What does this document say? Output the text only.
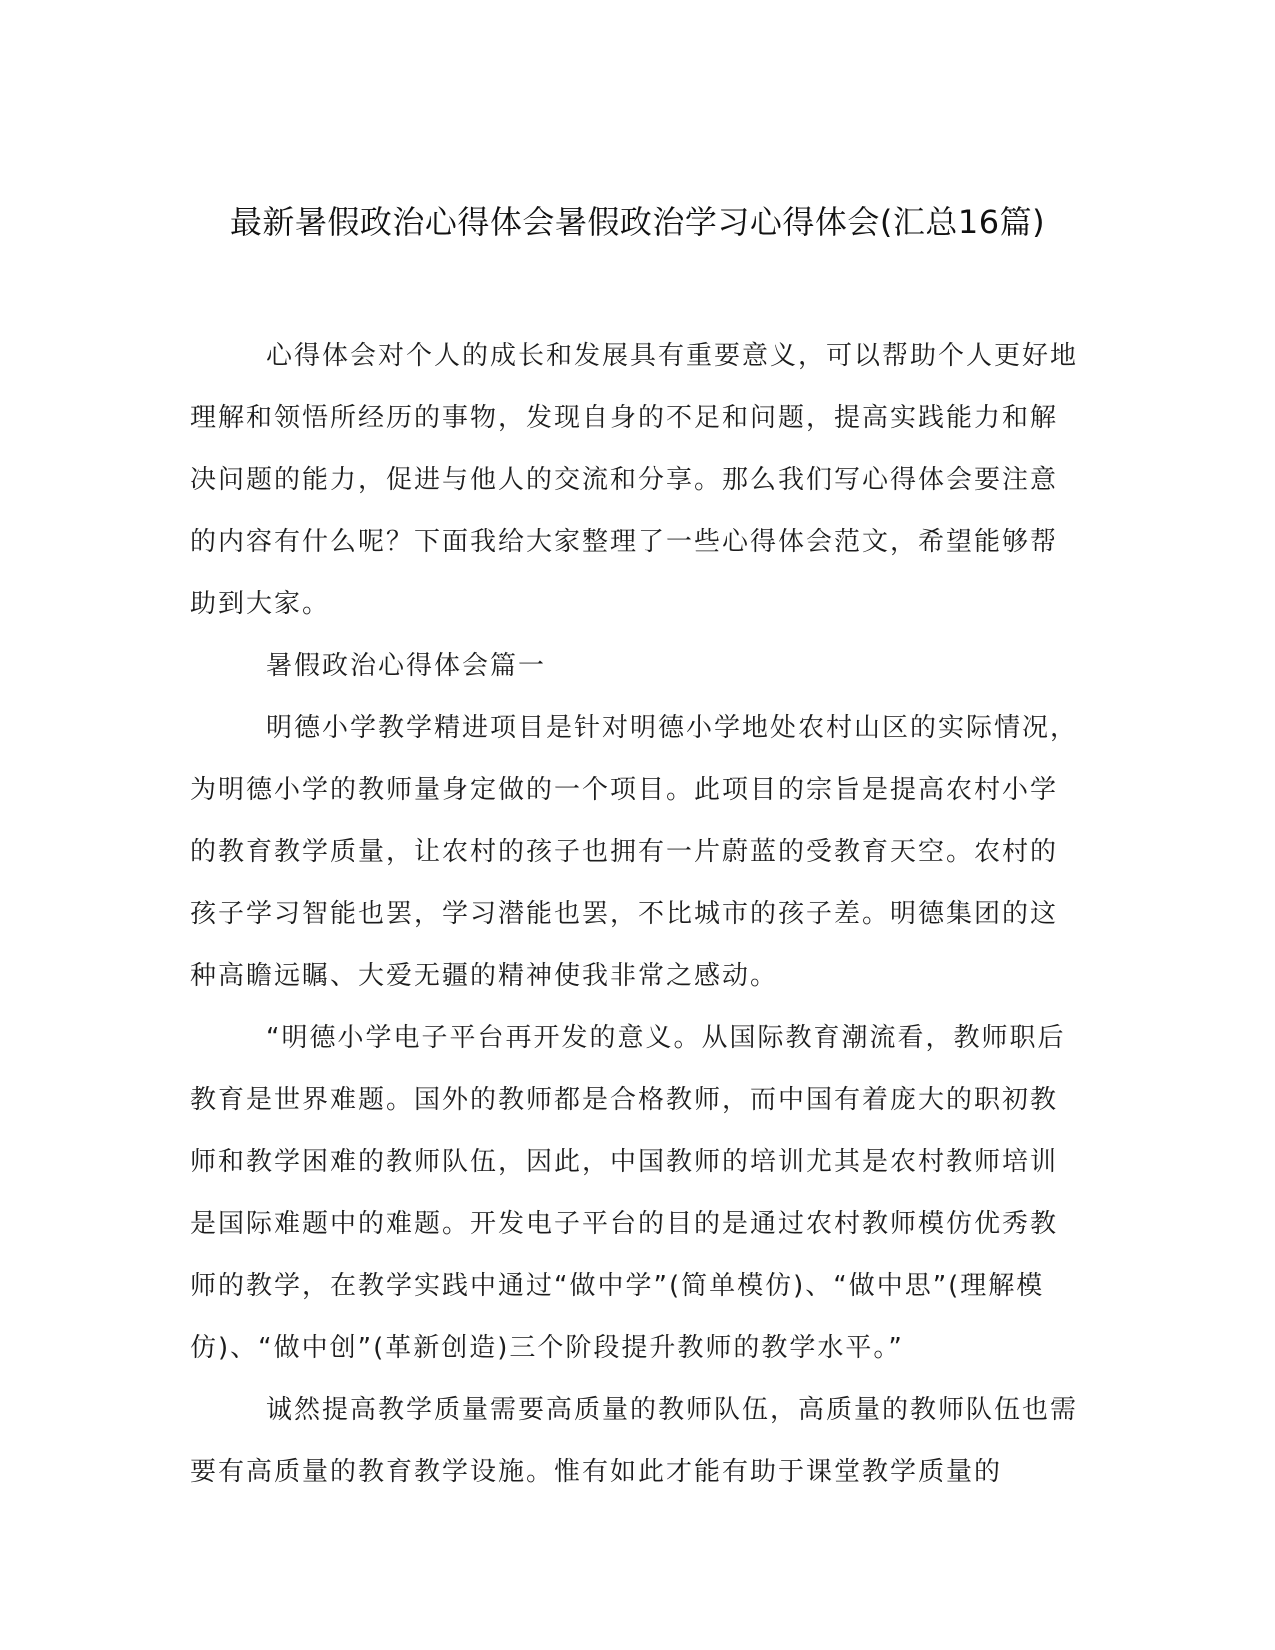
最新暑假政治心得体会暑假政治学习心得体会(汇总16篇)

心得体会对个人的成长和发展具有重要意义，可以帮助个人更好地理解和领悟所经历的事物，发现自身的不足和问题，提高实践能力和解决问题的能力，促进与他人的交流和分享。那么我们写心得体会要注意的内容有什么呢？下面我给大家整理了一些心得体会范文，希望能够帮助到大家。

暑假政治心得体会篇一

明德小学教学精进项目是针对明德小学地处农村山区的实际情况，为明德小学的教师量身定做的一个项目。此项目的宗旨是提高农村小学的教育教学质量，让农村的孩子也拥有一片蔚蓝的受教育天空。农村的孩子学习智能也罢，学习潜能也罢，不比城市的孩子差。明德集团的这种高瞻远瞩、大爱无疆的精神使我非常之感动。

“明德小学电子平台再开发的意义。从国际教育潮流看，教师职后教育是世界难题。国外的教师都是合格教师，而中国有着庞大的职初教师和教学困难的教师队伍，因此，中国教师的培训尤其是农村教师培训是国际难题中的难题。开发电子平台的目的是通过农村教师模仿优秀教师的教学，在教学实践中通过“做中学”(简单模仿)、“做中思”(理解模仿)、“做中创”(革新创造)三个阶段提升教师的教学水平。”

诚然提高教学质量需要高质量的教师队伍，高质量的教师队伍也需要有高质量的教育教学设施。惟有如此才能有助于课堂教学质量的
